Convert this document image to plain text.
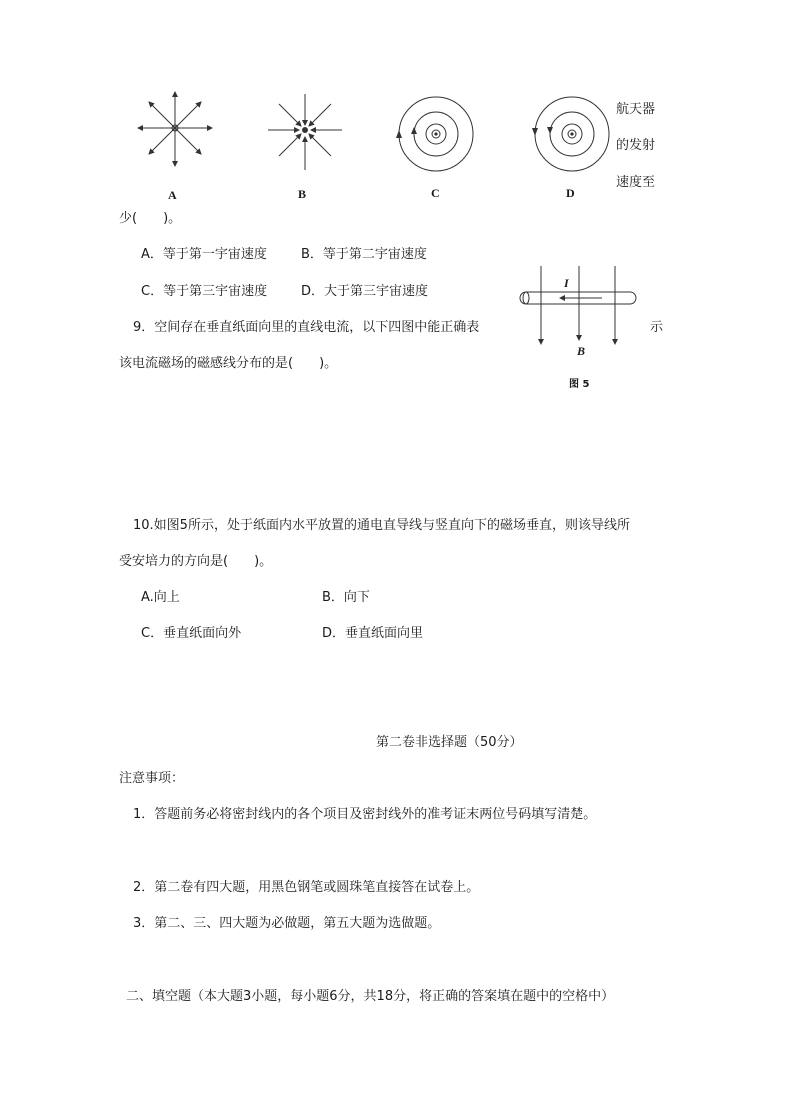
A	B	C	D
航天器
的发射
速度至
少(　　)。
A．等于第一宇宙速度	B．等于第二宇宙速度
C．等于第三宇宙速度	D．大于第三宇宙速度
I
B
图 5
9．空间存在垂直纸面向里的直线电流，以下四图中能正确表	示
该电流磁场的磁感线分布的是(　　)。
10.如图5所示，处于纸面内水平放置的通电直导线与竖直向下的磁场垂直，则该导线所
受安培力的方向是(　　)。
A.向上	B．向下
C．垂直纸面向外	D．垂直纸面向里
第二卷非选择题（50分）
注意事项：
1．答题前务必将密封线内的各个项目及密封线外的准考证末两位号码填写清楚。
2．第二卷有四大题，用黑色钢笔或圆珠笔直接答在试卷上。
3．第二、三、四大题为必做题，第五大题为选做题。
二、填空题（本大题3小题，每小题6分，共18分，将正确的答案填在题中的空格中）
